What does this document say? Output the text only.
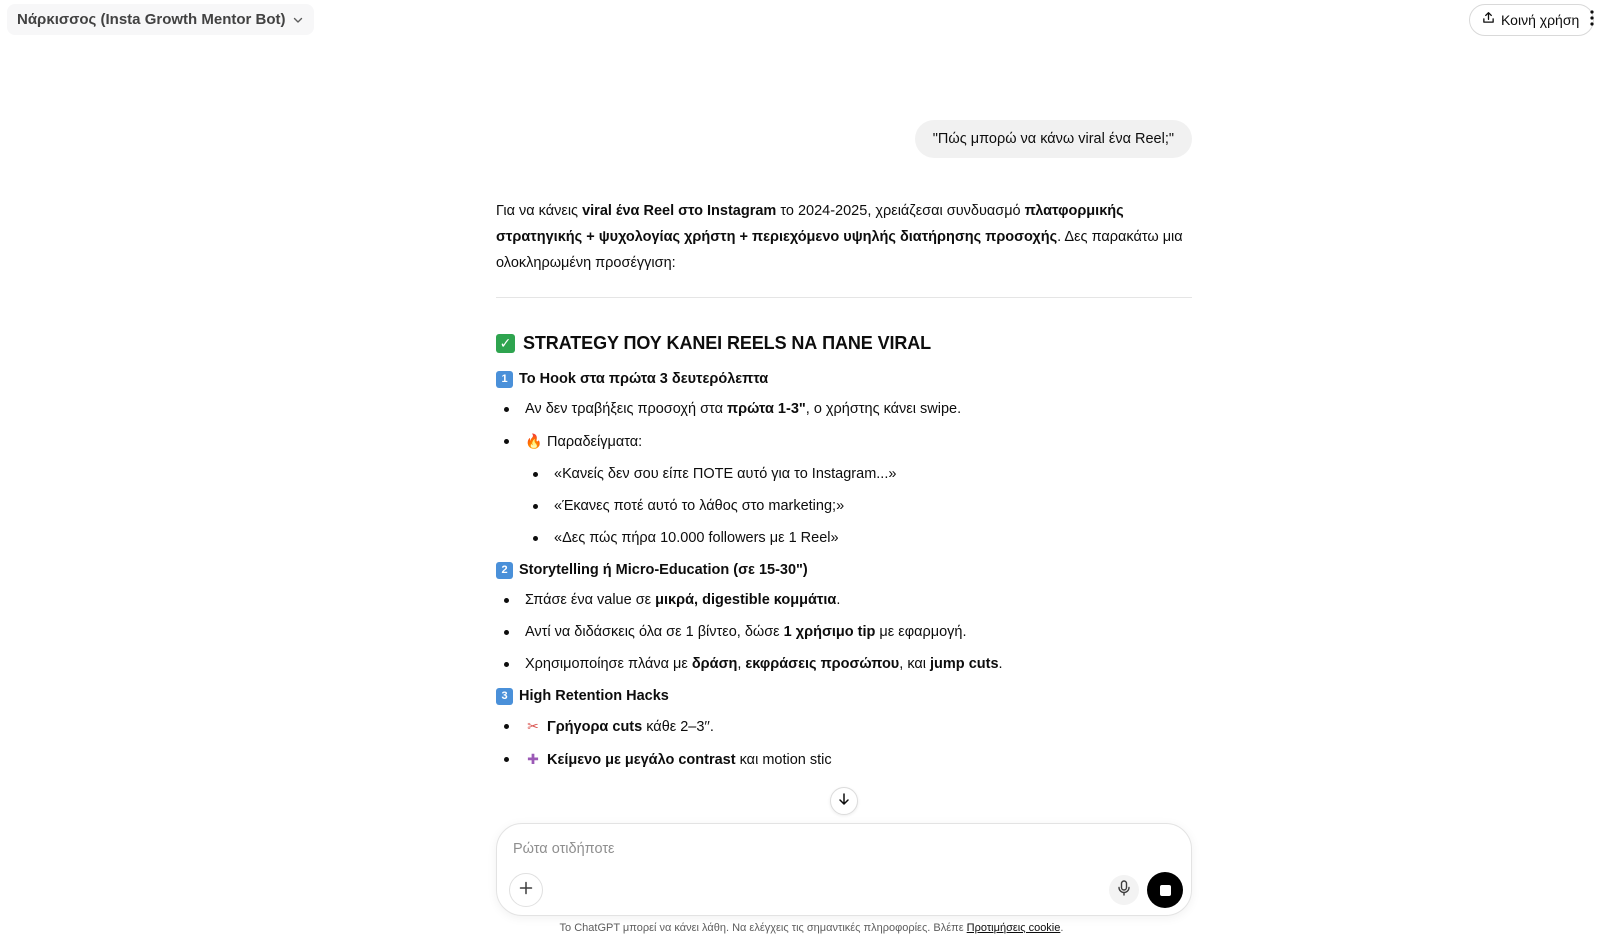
Νάρκισσος (Insta Growth Mentor Bot)	Κοινή χρήση
"Πώς μπορώ να κάνω viral ένα Reel;"

Για να κάνεις viral ένα Reel στο Instagram το 2024-2025, χρειάζεσαι συνδυασμό πλατφορμικής στρατηγικής + ψυχολογίας χρήστη + περιεχόμενο υψηλής διατήρησης προσοχής. Δες παρακάτω μια ολοκληρωμένη προσέγγιση:

✓ STRATEGY ΠΟΥ ΚΑΝΕΙ REELS ΝΑ ΠΑΝΕ VIRAL
1 Το Hook στα πρώτα 3 δευτερόλεπτα
Αν δεν τραβήξεις προσοχή στα πρώτα 1-3", ο χρήστης κάνει swipe.
🔥 Παραδείγματα:
«Κανείς δεν σου είπε ΠΟΤΕ αυτό για το Instagram...»
«Έκανες ποτέ αυτό το λάθος στο marketing;»
«Δες πώς πήρα 10.000 followers με 1 Reel»
2 Storytelling ή Micro-Education (σε 15-30")
Σπάσε ένα value σε μικρά, digestible κομμάτια.
Αντί να διδάσκεις όλα σε 1 βίντεο, δώσε 1 χρήσιμο tip με εφαρμογή.
Χρησιμοποίησε πλάνα με δράση, εκφράσεις προσώπου, και jump cuts.
3 High Retention Hacks
✂ Γρήγορα cuts κάθε 2–3′′.
✚ Κείμενο με μεγάλο contrast και motion stic
Ρώτα οτιδήποτε
Το ChatGPT μπορεί να κάνει λάθη. Να ελέγχεις τις σημαντικές πληροφορίες. Βλέπε Προτιμήσεις cookie.
